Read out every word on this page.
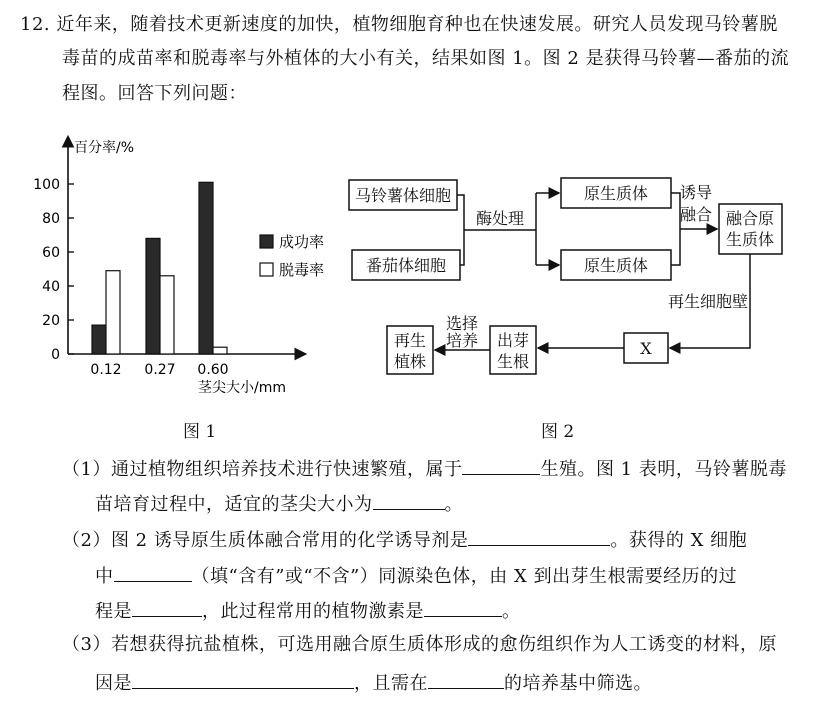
12. 近年来，随着技术更新速度的加快，植物细胞育种也在快速发展。研究人员发现马铃薯脱
毒苗的成苗率和脱毒率与外植体的大小有关，结果如图 1。图 2 是获得马铃薯—番茄的流
程图。回答下列问题：
百分率/%
茎尖大小/mm
0
20
40
60
80
100
0.12 0.27 0.60
成功率
脱毒率
图 1
马铃薯体细胞
番茄体细胞
原生质体
原生质体
融合原
生质体
X
出芽
生根
再生
植株
酶处理
诱导
融合
再生细胞壁
选择
培养
图 2
（1）通过植物组织培养技术进行快速繁殖，属于	生殖。图 1 表明，马铃薯脱毒
苗培育过程中，适宜的茎尖大小为	。
（2）图 2 诱导原生质体融合常用的化学诱导剂是	。获得的 X 细胞
中	（填“含有”或“不含”）同源染色体，由 X 到出芽生根需要经历的过
程是	，此过程常用的植物激素是	。
（3）若想获得抗盐植株，可选用融合原生质体形成的愈伤组织作为人工诱变的材料，原
因是	，且需在	的培养基中筛选。
